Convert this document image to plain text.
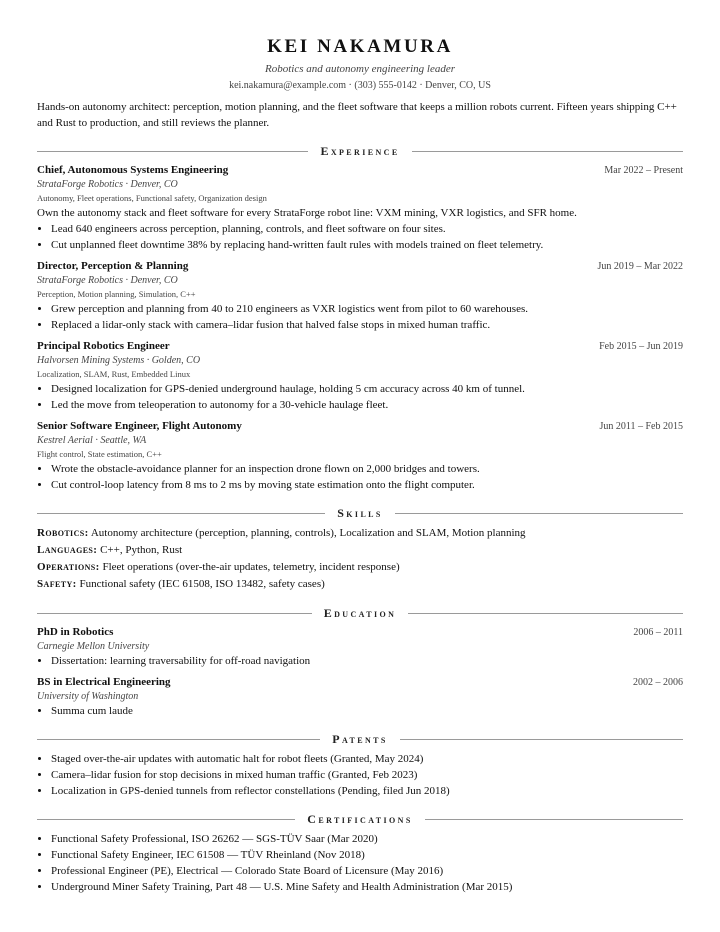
KEI NAKAMURA
Robotics and autonomy engineering leader
kei.nakamura@example.com · (303) 555-0142 · Denver, CO, US
Hands-on autonomy architect: perception, motion planning, and the fleet software that keeps a million robots current. Fifteen years shipping C++ and Rust to production, and still reviews the planner.
Experience
Chief, Autonomous Systems Engineering	Mar 2022 – Present
StrataForge Robotics · Denver, CO
Autonomy, Fleet operations, Functional safety, Organization design
Own the autonomy stack and fleet software for every StrataForge robot line: VXM mining, VXR logistics, and SFR home.
• Lead 640 engineers across perception, planning, controls, and fleet software on four sites.
• Cut unplanned fleet downtime 38% by replacing hand-written fault rules with models trained on fleet telemetry.
Director, Perception & Planning	Jun 2019 – Mar 2022
StrataForge Robotics · Denver, CO
Perception, Motion planning, Simulation, C++
• Grew perception and planning from 40 to 210 engineers as VXR logistics went from pilot to 60 warehouses.
• Replaced a lidar-only stack with camera–lidar fusion that halved false stops in mixed human traffic.
Principal Robotics Engineer	Feb 2015 – Jun 2019
Halvorsen Mining Systems · Golden, CO
Localization, SLAM, Rust, Embedded Linux
• Designed localization for GPS-denied underground haulage, holding 5 cm accuracy across 40 km of tunnel.
• Led the move from teleoperation to autonomy for a 30-vehicle haulage fleet.
Senior Software Engineer, Flight Autonomy	Jun 2011 – Feb 2015
Kestrel Aerial · Seattle, WA
Flight control, State estimation, C++
• Wrote the obstacle-avoidance planner for an inspection drone flown on 2,000 bridges and towers.
• Cut control-loop latency from 8 ms to 2 ms by moving state estimation onto the flight computer.
Skills
Robotics: Autonomy architecture (perception, planning, controls), Localization and SLAM, Motion planning
Languages: C++, Python, Rust
Operations: Fleet operations (over-the-air updates, telemetry, incident response)
Safety: Functional safety (IEC 61508, ISO 13482, safety cases)
Education
PhD in Robotics	2006 – 2011
Carnegie Mellon University
• Dissertation: learning traversability for off-road navigation
BS in Electrical Engineering	2002 – 2006
University of Washington
• Summa cum laude
Patents
• Staged over-the-air updates with automatic halt for robot fleets (Granted, May 2024)
• Camera–lidar fusion for stop decisions in mixed human traffic (Granted, Feb 2023)
• Localization in GPS-denied tunnels from reflector constellations (Pending, filed Jun 2018)
Certifications
• Functional Safety Professional, ISO 26262 — SGS-TÜV Saar (Mar 2020)
• Functional Safety Engineer, IEC 61508 — TÜV Rheinland (Nov 2018)
• Professional Engineer (PE), Electrical — Colorado State Board of Licensure (May 2016)
• Underground Miner Safety Training, Part 48 — U.S. Mine Safety and Health Administration (Mar 2015)
